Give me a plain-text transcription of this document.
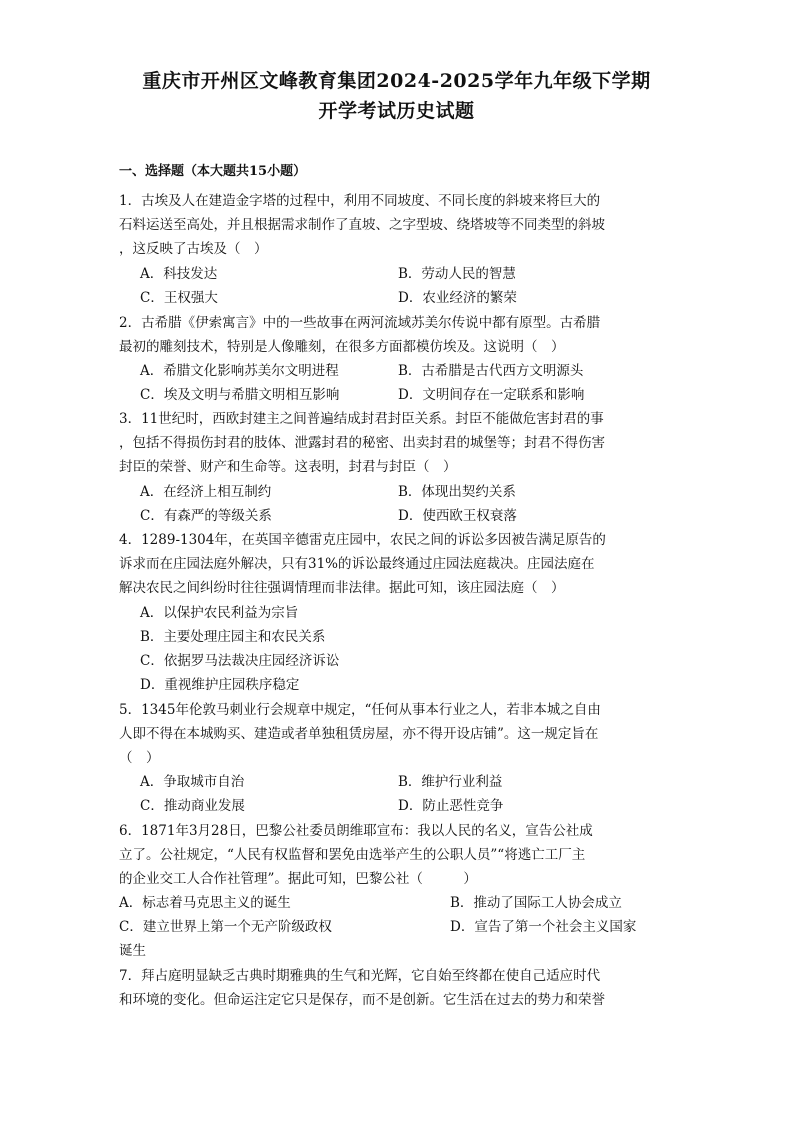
重庆市开州区文峰教育集团2024-2025学年九年级下学期
开学考试历史试题
一、选择题（本大题共15小题）
1．古埃及人在建造金字塔的过程中，利用不同坡度、不同长度的斜坡来将巨大的
石料运送至高处，并且根据需求制作了直坡、之字型坡、绕塔坡等不同类型的斜坡
，这反映了古埃及（　）
A．科技发达	B．劳动人民的智慧
C．王权强大	D．农业经济的繁荣
2．古希腊《伊索寓言》中的一些故事在两河流域苏美尔传说中都有原型。古希腊
最初的雕刻技术，特别是人像雕刻，在很多方面都模仿埃及。这说明（　）
A．希腊文化影响苏美尔文明进程	B．古希腊是古代西方文明源头
C．埃及文明与希腊文明相互影响	D．文明间存在一定联系和影响
3．11世纪时，西欧封建主之间普遍结成封君封臣关系。封臣不能做危害封君的事
，包括不得损伤封君的肢体、泄露封君的秘密、出卖封君的城堡等；封君不得伤害
封臣的荣誉、财产和生命等。这表明，封君与封臣（　）
A．在经济上相互制约	B．体现出契约关系
C．有森严的等级关系	D．使西欧王权衰落
4．1289-1304年，在英国辛德雷克庄园中，农民之间的诉讼多因被告满足原告的
诉求而在庄园法庭外解决，只有31%的诉讼最终通过庄园法庭裁决。庄园法庭在
解决农民之间纠纷时往往强调情理而非法律。据此可知，该庄园法庭（　）
A．以保护农民利益为宗旨
B．主要处理庄园主和农民关系
C．依据罗马法裁决庄园经济诉讼
D．重视维护庄园秩序稳定
5．1345年伦敦马刺业行会规章中规定，“任何从事本行业之人，若非本城之自由
人即不得在本城购买、建造或者单独租赁房屋，亦不得开设店铺”。这一规定旨在
（　）
A．争取城市自治	B．维护行业利益
C．推动商业发展	D．防止恶性竞争
6．1871年3月28日，巴黎公社委员朗维耶宣布：我以人民的名义，宣告公社成
立了。公社规定，“人民有权监督和罢免由选举产生的公职人员”“将逃亡工厂主
的企业交工人合作社管理”。据此可知，巴黎公社（　　　）
A．标志着马克思主义的诞生	B．推动了国际工人协会成立
C．建立世界上第一个无产阶级政权	D．宣告了第一个社会主义国家
诞生
7．拜占庭明显缺乏古典时期雅典的生气和光辉，它自始至终都在使自己适应时代
和环境的变化。但命运注定它只是保存，而不是创新。它生活在过去的势力和荣誉
